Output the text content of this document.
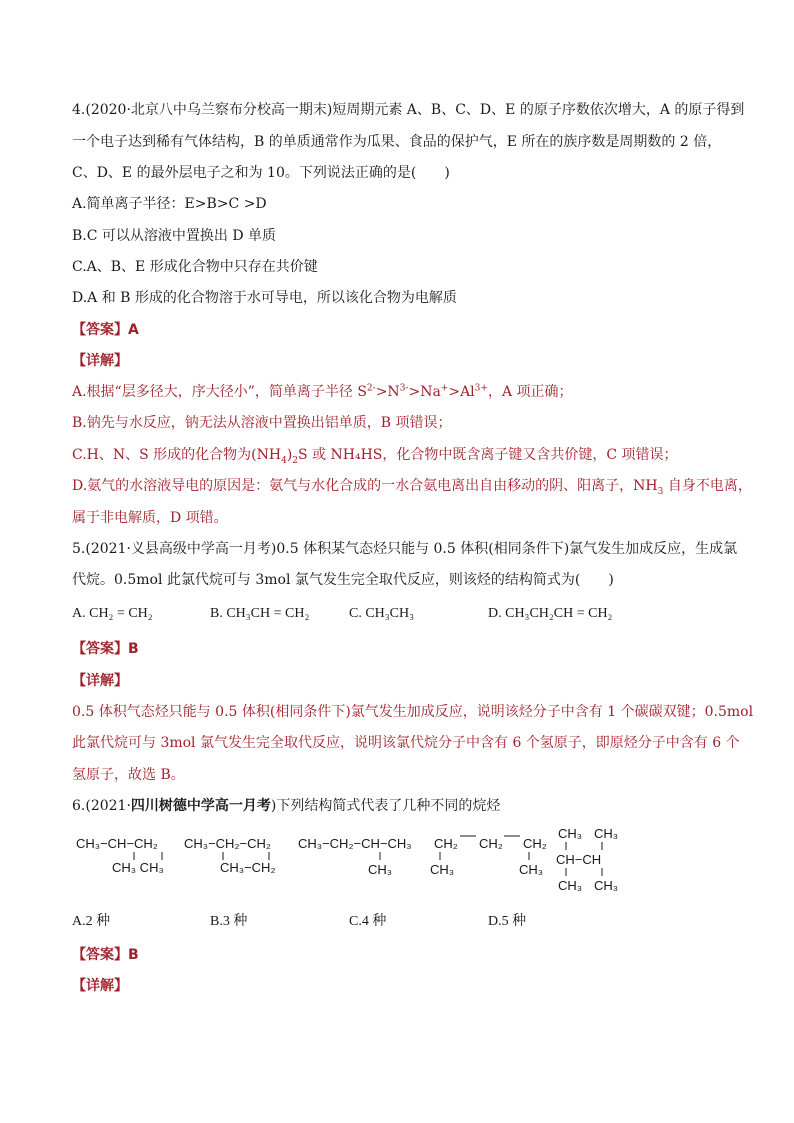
4.(2020·北京八中乌兰察布分校高一期末)短周期元素 A、B、C、D、E 的原子序数依次增大，A 的原子得到
一个电子达到稀有气体结构，B 的单质通常作为瓜果、食品的保护气，E 所在的族序数是周期数的 2 倍，
C、D、E 的最外层电子之和为 10。下列说法正确的是(　　)
A.简单离子半径：E>B>C >D
B.C 可以从溶液中置换出 D 单质
C.A、B、E 形成化合物中只存在共价键
D.A 和 B 形成的化合物溶于水可导电，所以该化合物为电解质
【答案】A
【详解】
A.根据“层多径大，序大径小”，简单离子半径 $S^{2-}>N^{3-}>Na^+>Al^{3+}$，A 项正确；
B.钠先与水反应，钠无法从溶液中置换出铝单质，B 项错误；
C.H、N、S 形成的化合物为$(NH_4)_2S$ 或 NH₄HS，化合物中既含离子键又含共价键，C 项错误；
D.氨气的水溶液导电的原因是：氨气与水化合成的一水合氨电离出自由移动的阴、阳离子，$NH_3$ 自身不电离，
属于非电解质，D 项错。
5.(2021·义县高级中学高一月考)0.5 体积某气态烃只能与 0.5 体积(相同条件下)氯气发生加成反应，生成氯
代烷。0.5mol 此氯代烷可与 3mol 氯气发生完全取代反应，则该烃的结构简式为(　　)
A. CH₂ = CH₂	B. CH₃CH = CH₂	C. CH₃CH₃	D. CH₃CH₂CH = CH₂
【答案】B
【详解】
0.5 体积气态烃只能与 0.5 体积(相同条件下)氯气发生加成反应，说明该烃分子中含有 1 个碳碳双键；0.5mol
此氯代烷可与 3mol 氯气发生完全取代反应，说明该氯代烷分子中含有 6 个氢原子，即原烃分子中含有 6 个
氢原子，故选 B。
6.(2021·四川树德中学高一月考)下列结构简式代表了几种不同的烷烃
CH₃−CH−CH₂
CH₃ CH₃
CH₃−CH₂−CH₂
CH₃−CH₂
CH₃−CH₂−CH−CH₃
CH₃
CH₂ CH₂ CH₂
CH₃	CH₃
CH₃ CH₃
CH−CH
CH₃ CH₃
A.2 种	B.3 种	C.4 种	D.5 种
【答案】B
【详解】
